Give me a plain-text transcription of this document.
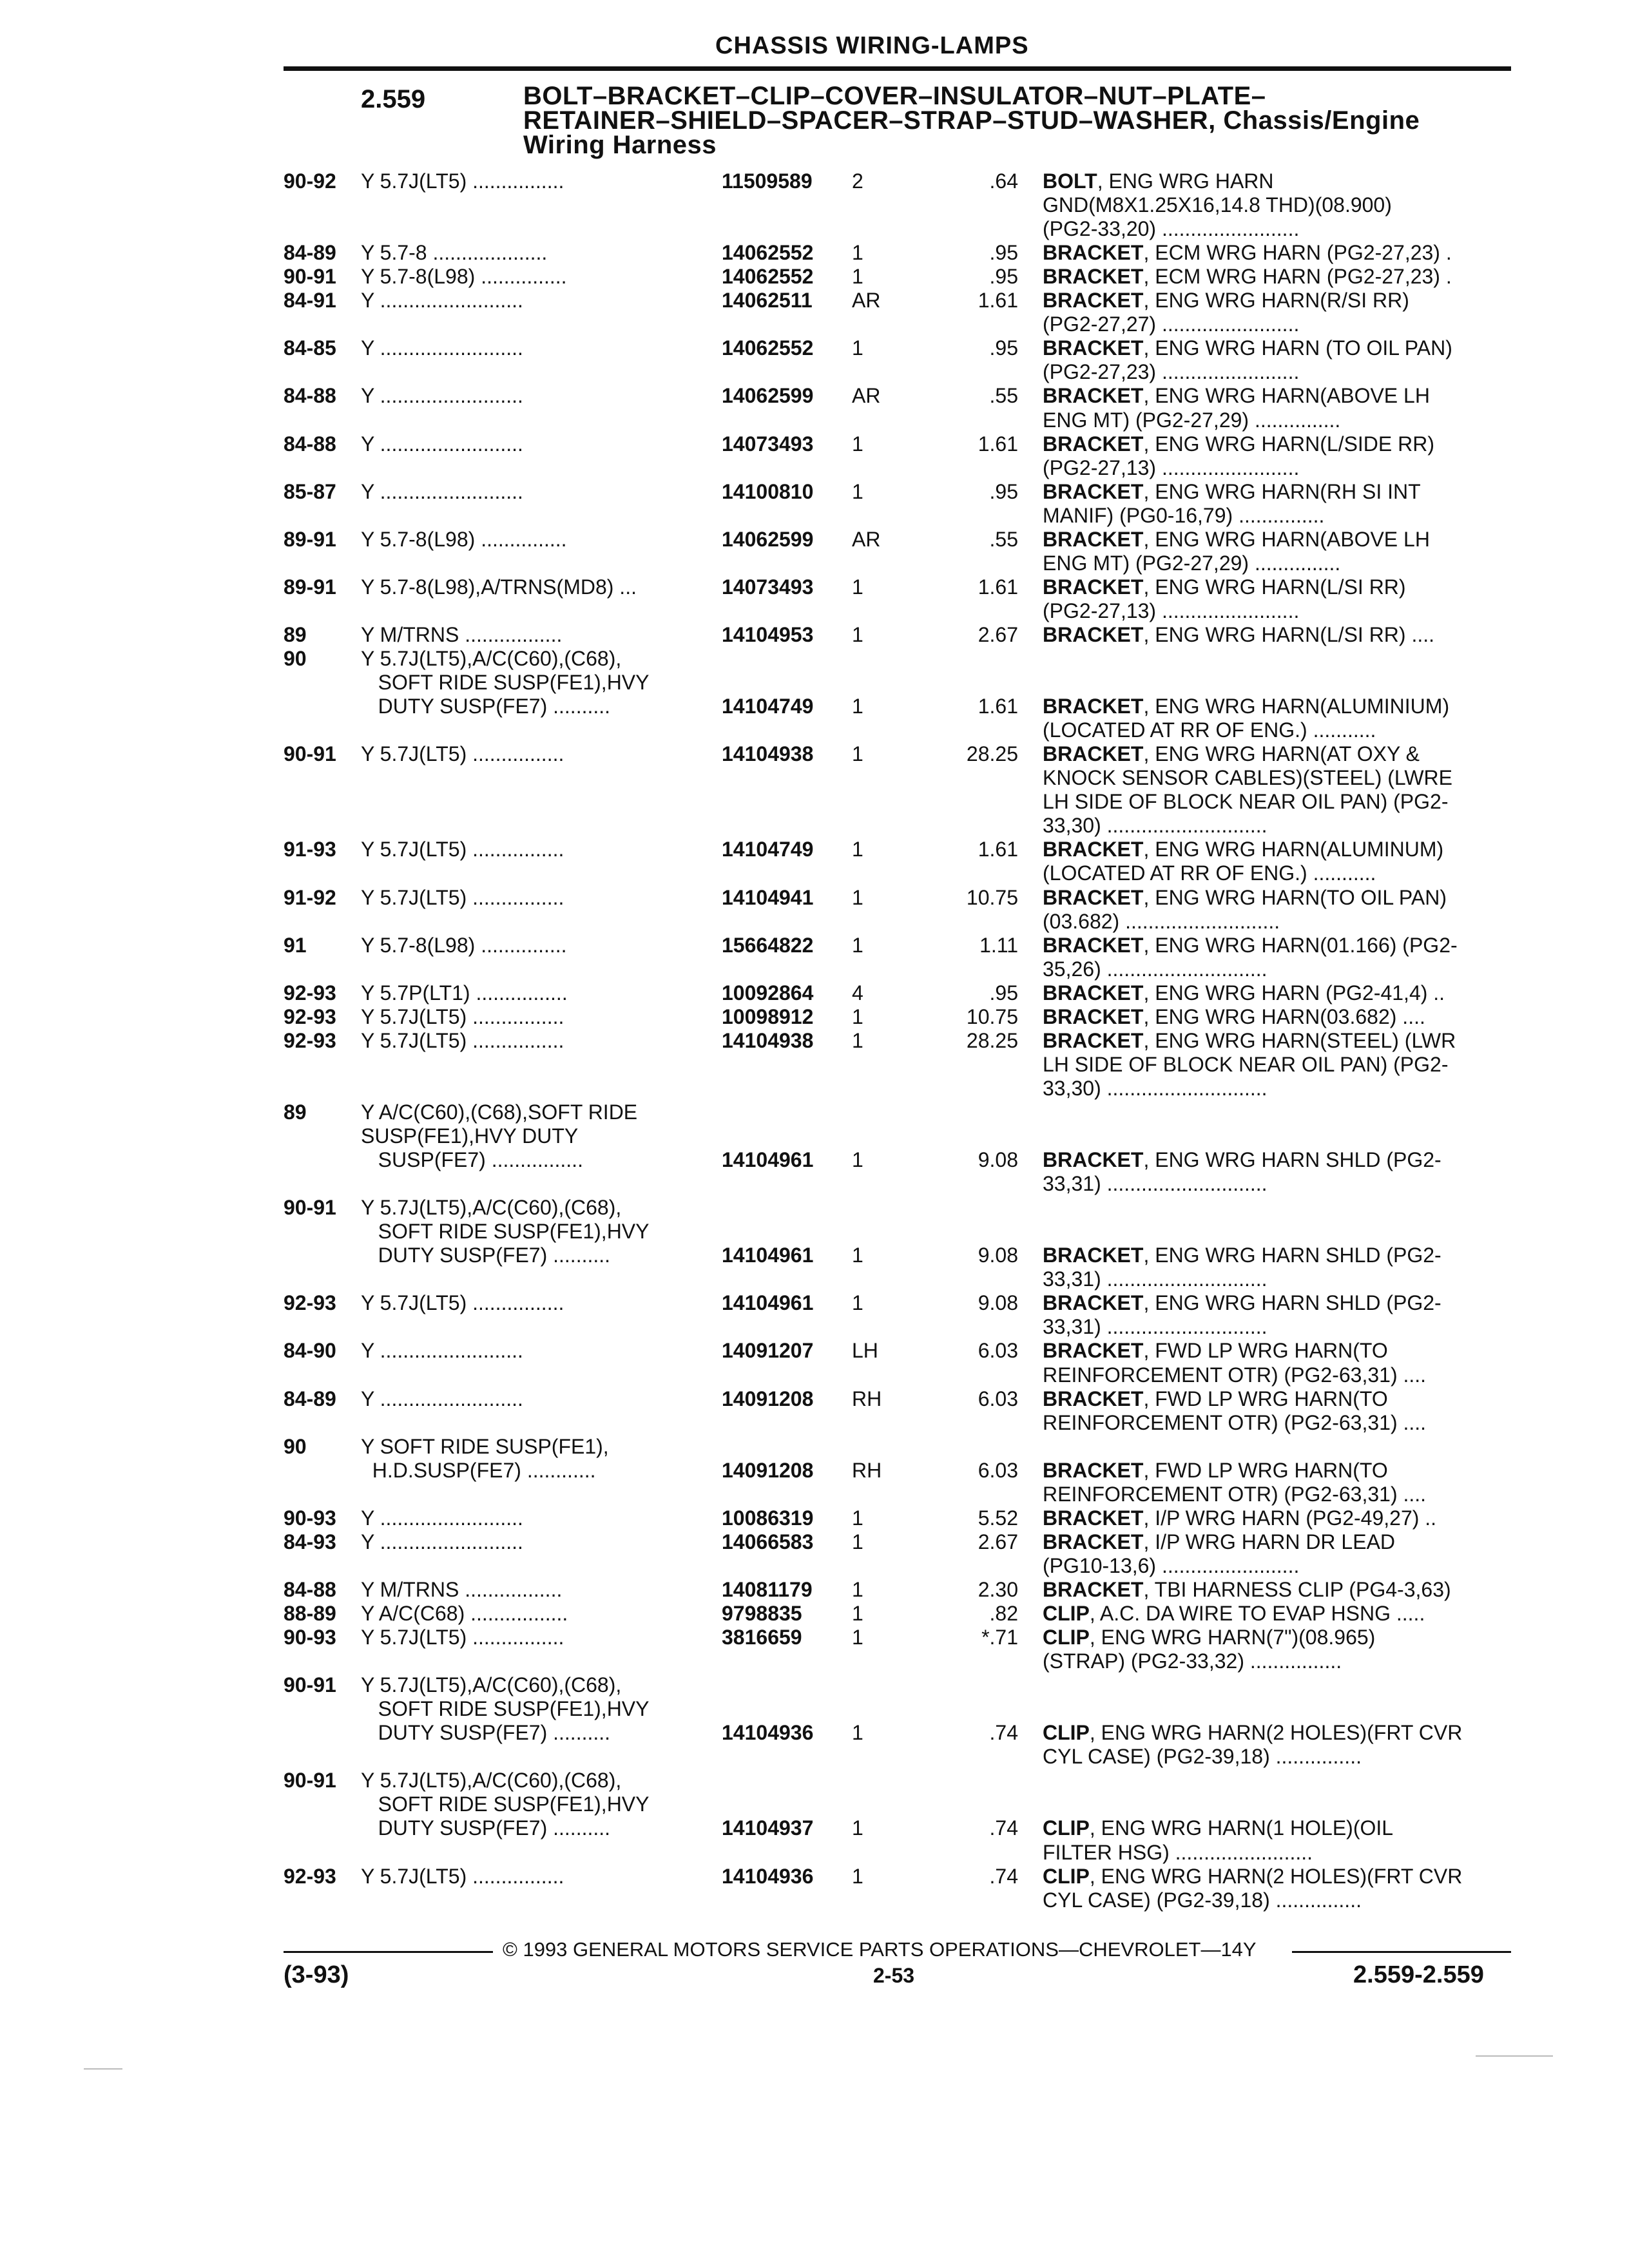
CHASSIS WIRING-LAMPS
2.559	BOLT–BRACKET–CLIP–COVER–INSULATOR–NUT–PLATE–
RETAINER–SHIELD–SPACER–STRAP–STUD–WASHER, Chassis/Engine
Wiring Harness
90-92 Y 5.7J(LT5) ................	11509589 2	.64 BOLT, ENG WRG HARN
GND(M8X1.25X16,14.8 THD)(08.900)
(PG2-33,20) ........................
84-89 Y 5.7-8 ....................	14062552 1	.95 BRACKET, ECM WRG HARN (PG2-27,23) .
90-91 Y 5.7-8(L98) ...............	14062552 1	.95 BRACKET, ECM WRG HARN (PG2-27,23) .
84-91 Y .........................	14062511 AR	1.61 BRACKET, ENG WRG HARN(R/SI RR)
(PG2-27,27) ........................
84-85 Y .........................	14062552 1	.95 BRACKET, ENG WRG HARN (TO OIL PAN)
(PG2-27,23) ........................
84-88 Y .........................	14062599 AR	.55 BRACKET, ENG WRG HARN(ABOVE LH
ENG MT) (PG2-27,29) ...............
84-88 Y .........................	14073493 1	1.61 BRACKET, ENG WRG HARN(L/SIDE RR)
(PG2-27,13) ........................
85-87 Y .........................	14100810 1	.95 BRACKET, ENG WRG HARN(RH SI INT
MANIF) (PG0-16,79) ...............
89-91 Y 5.7-8(L98) ...............	14062599 AR	.55 BRACKET, ENG WRG HARN(ABOVE LH
ENG MT) (PG2-27,29) ...............
89-91 Y 5.7-8(L98),A/TRNS(MD8) ...	14073493 1	1.61 BRACKET, ENG WRG HARN(L/SI RR)
(PG2-27,13) ........................
89	Y M/TRNS .................	14104953 1	2.67 BRACKET, ENG WRG HARN(L/SI RR) ....
90	Y 5.7J(LT5),A/C(C60),(C68),
SOFT RIDE SUSP(FE1),HVY
DUTY SUSP(FE7) ..........	14104749 1	1.61 BRACKET, ENG WRG HARN(ALUMINIUM)
(LOCATED AT RR OF ENG.) ...........
90-91 Y 5.7J(LT5) ................	14104938 1	28.25 BRACKET, ENG WRG HARN(AT OXY &
KNOCK SENSOR CABLES)(STEEL) (LWRE
LH SIDE OF BLOCK NEAR OIL PAN) (PG2-
33,30) ............................
91-93 Y 5.7J(LT5) ................	14104749 1	1.61 BRACKET, ENG WRG HARN(ALUMINUM)
(LOCATED AT RR OF ENG.) ...........
91-92 Y 5.7J(LT5) ................	14104941 1	10.75 BRACKET, ENG WRG HARN(TO OIL PAN)
(03.682) ...........................
91	Y 5.7-8(L98) ...............	15664822 1	1.11 BRACKET, ENG WRG HARN(01.166) (PG2-
35,26) ............................
92-93 Y 5.7P(LT1) ................	10092864 4	.95 BRACKET, ENG WRG HARN (PG2-41,4) ..
92-93 Y 5.7J(LT5) ................	10098912 1	10.75 BRACKET, ENG WRG HARN(03.682) ....
92-93 Y 5.7J(LT5) ................	14104938 1	28.25 BRACKET, ENG WRG HARN(STEEL) (LWR
LH SIDE OF BLOCK NEAR OIL PAN) (PG2-
33,30) ............................
89	Y A/C(C60),(C68),SOFT RIDE
SUSP(FE1),HVY DUTY
SUSP(FE7) ................	14104961 1	9.08 BRACKET, ENG WRG HARN SHLD (PG2-
33,31) ............................
90-91 Y 5.7J(LT5),A/C(C60),(C68),
SOFT RIDE SUSP(FE1),HVY
DUTY SUSP(FE7) ..........	14104961 1	9.08 BRACKET, ENG WRG HARN SHLD (PG2-
33,31) ............................
92-93 Y 5.7J(LT5) ................	14104961 1	9.08 BRACKET, ENG WRG HARN SHLD (PG2-
33,31) ............................
84-90 Y .........................	14091207 LH	6.03 BRACKET, FWD LP WRG HARN(TO
REINFORCEMENT OTR) (PG2-63,31) ....
84-89 Y .........................	14091208 RH	6.03 BRACKET, FWD LP WRG HARN(TO
REINFORCEMENT OTR) (PG2-63,31) ....
90	Y SOFT RIDE SUSP(FE1),
H.D.SUSP(FE7) ............	14091208 RH	6.03 BRACKET, FWD LP WRG HARN(TO
REINFORCEMENT OTR) (PG2-63,31) ....
90-93 Y .........................	10086319 1	5.52 BRACKET, I/P WRG HARN (PG2-49,27) ..
84-93 Y .........................	14066583 1	2.67 BRACKET, I/P WRG HARN DR LEAD
(PG10-13,6) ........................
84-88 Y M/TRNS .................	14081179 1	2.30 BRACKET, TBI HARNESS CLIP (PG4-3,63)
88-89 Y A/C(C68) .................	9798835 1	.82 CLIP, A.C. DA WIRE TO EVAP HSNG .....
90-93 Y 5.7J(LT5) ................	3816659 1	*.71 CLIP, ENG WRG HARN(7")(08.965)
(STRAP) (PG2-33,32) ................
90-91 Y 5.7J(LT5),A/C(C60),(C68),
SOFT RIDE SUSP(FE1),HVY
DUTY SUSP(FE7) ..........	14104936 1	.74 CLIP, ENG WRG HARN(2 HOLES)(FRT CVR
CYL CASE) (PG2-39,18) ...............
90-91 Y 5.7J(LT5),A/C(C60),(C68),
SOFT RIDE SUSP(FE1),HVY
DUTY SUSP(FE7) ..........	14104937 1	.74 CLIP, ENG WRG HARN(1 HOLE)(OIL
FILTER HSG) ........................
92-93 Y 5.7J(LT5) ................	14104936 1	.74 CLIP, ENG WRG HARN(2 HOLES)(FRT CVR
CYL CASE) (PG2-39,18) ...............
© 1993 GENERAL MOTORS SERVICE PARTS OPERATIONS—CHEVROLET—14Y
(3-93)	2-53	2.559-2.559
